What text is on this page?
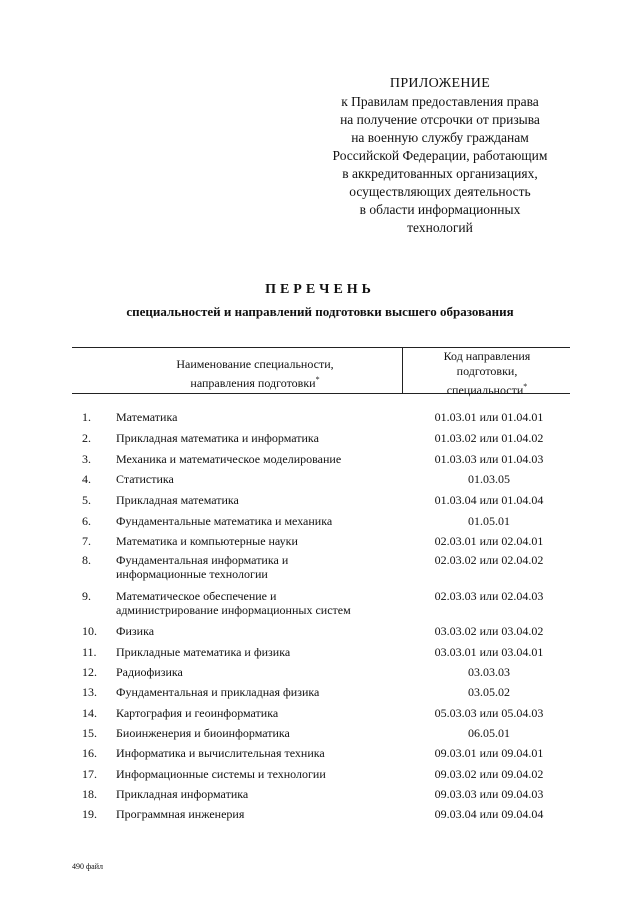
ПРИЛОЖЕНИЕ
к Правилам предоставления права
на получение отсрочки от призыва
на военную службу гражданам
Российской Федерации, работающим
в аккредитованных организациях,
осуществляющих деятельность
в области информационных
технологий
ПЕРЕЧЕНЬ
специальностей и направлений подготовки высшего образования
Наименование специальности,
направления подготовки*
Код направления
подготовки,
специальности*
1.	Математика	01.03.01 или 01.04.01
2.	Прикладная математика и информатика	01.03.02 или 01.04.02
3.	Механика и математическое моделирование	01.03.03 или 01.04.03
4.	Статистика	01.03.05
5.	Прикладная математика	01.03.04 или 01.04.04
6.	Фундаментальные математика и механика	01.05.01
7.	Математика и компьютерные науки	02.03.01 или 02.04.01
8.	Фундаментальная информатика и
информационные технологии
02.03.02 или 02.04.02
9.	Математическое обеспечение и
администрирование информационных систем
02.03.03 или 02.04.03
10.	Физика	03.03.02 или 03.04.02
11.	Прикладные математика и физика	03.03.01 или 03.04.01
12.	Радиофизика	03.03.03
13.	Фундаментальная и прикладная физика	03.05.02
14.	Картография и геоинформатика	05.03.03 или 05.04.03
15.	Биоинженерия и биоинформатика	06.05.01
16.	Информатика и вычислительная техника	09.03.01 или 09.04.01
17.	Информационные системы и технологии	09.03.02 или 09.04.02
18.	Прикладная информатика	09.03.03 или 09.04.03
19.	Программная инженерия	09.03.04 или 09.04.04
490 файл
